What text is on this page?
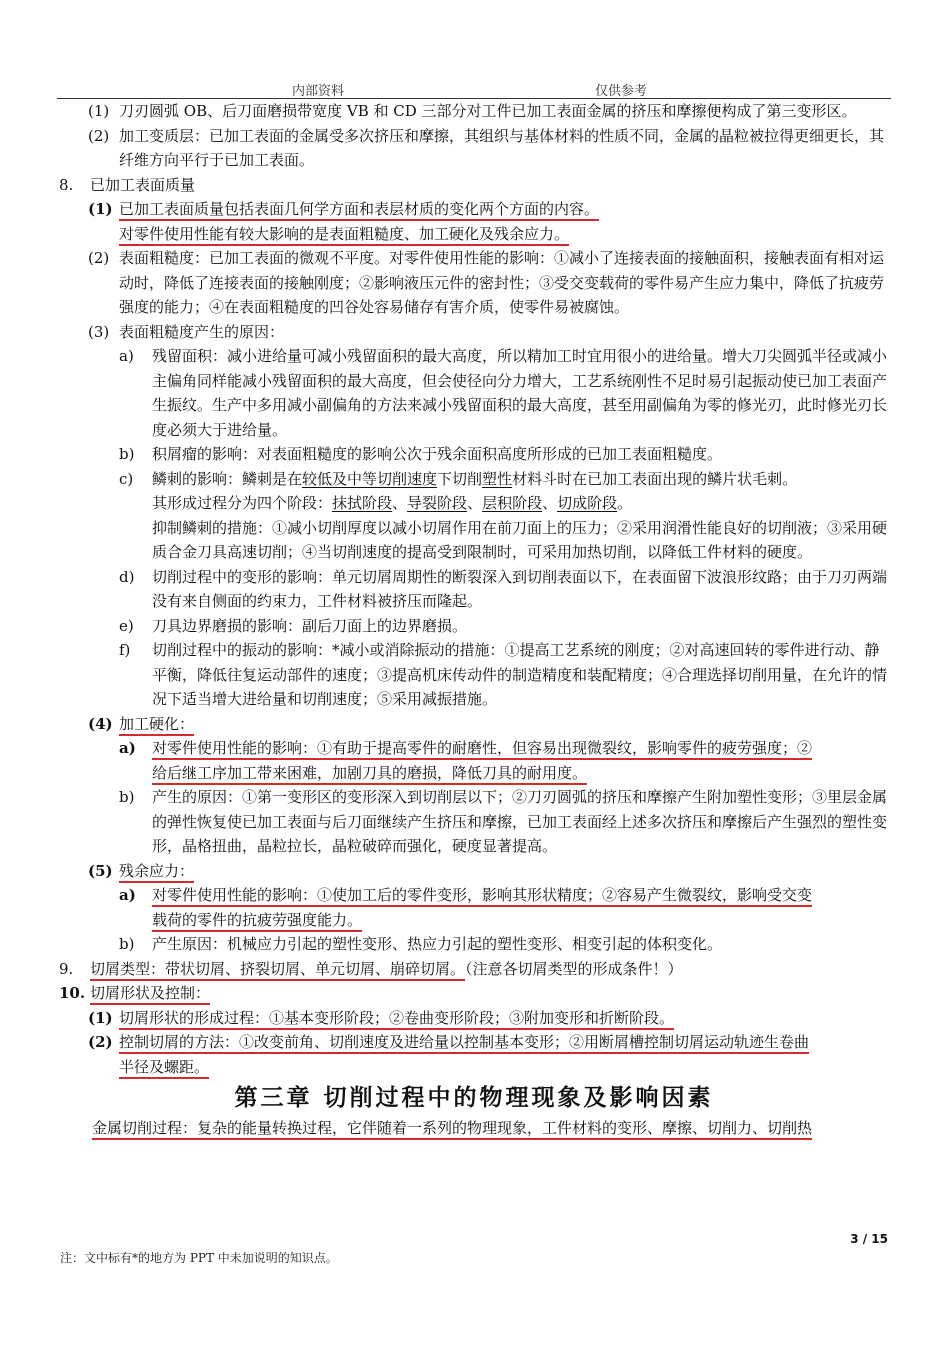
内部资料	仅供参考
(1) 刀刃圆弧 OB、后刀面磨损带宽度 VB 和 CD 三部分对工件已加工表面金属的挤压和摩擦便构成了第三变形区。
(2) 加工变质层：已加工表面的金属受多次挤压和摩擦，其组织与基体材料的性质不同，金属的晶粒被拉得更细更长，其纤维方向平行于已加工表面。
8.	已加工表面质量
(1) 已加工表面质量包括表面几何学方面和表层材质的变化两个方面的内容。
对零件使用性能有较大影响的是表面粗糙度、加工硬化及残余应力。
(2) 表面粗糙度：已加工表面的微观不平度。对零件使用性能的影响：①减小了连接表面的接触面积，接触表面有相对运动时，降低了连接表面的接触刚度；②影响液压元件的密封性；③受交变载荷的零件易产生应力集中，降低了抗疲劳强度的能力；④在表面粗糙度的凹谷处容易储存有害介质，使零件易被腐蚀。
(3) 表面粗糙度产生的原因：
a)	残留面积：减小进给量可减小残留面积的最大高度，所以精加工时宜用很小的进给量。增大刀尖圆弧半径或减小主偏角同样能减小残留面积的最大高度，但会使径向分力增大，工艺系统刚性不足时易引起振动使已加工表面产生振纹。生产中多用减小副偏角的方法来减小残留面积的最大高度，甚至用副偏角为零的修光刃，此时修光刃长度必须大于进给量。
b)	积屑瘤的影响：对表面粗糙度的影响公次于残余面积高度所形成的已加工表面粗糙度。
c)	鳞刺的影响：鳞刺是在较低及中等切削速度下切削塑性材料斗时在已加工表面出现的鳞片状毛刺。
其形成过程分为四个阶段：抹拭阶段、导裂阶段、层积阶段、切成阶段。
抑制鳞刺的措施：①减小切削厚度以减小切屑作用在前刀面上的压力；②采用润滑性能良好的切削液；③采用硬质合金刀具高速切削；④当切削速度的提高受到限制时，可采用加热切削，以降低工件材料的硬度。
d)	切削过程中的变形的影响：单元切屑周期性的断裂深入到切削表面以下，在表面留下波浪形纹路；由于刀刃两端没有来自侧面的约束力，工件材料被挤压而隆起。
e)	刀具边界磨损的影响：副后刀面上的边界磨损。
f)	切削过程中的振动的影响：*减小或消除振动的措施：①提高工艺系统的刚度；②对高速回转的零件进行动、静平衡，降低往复运动部件的速度；③提高机床传动件的制造精度和装配精度；④合理选择切削用量，在允许的情况下适当增大进给量和切削速度；⑤采用减振措施。
(4) 加工硬化：
a)	对零件使用性能的影响：①有助于提高零件的耐磨性，但容易出现微裂纹，影响零件的疲劳强度；②
给后继工序加工带来困难，加剧刀具的磨损，降低刀具的耐用度。
b)	产生的原因：①第一变形区的变形深入到切削层以下；②刀刃圆弧的挤压和摩擦产生附加塑性变形；③里层金属的弹性恢复使已加工表面与后刀面继续产生挤压和摩擦，已加工表面经上述多次挤压和摩擦后产生强烈的塑性变形，晶格扭曲，晶粒拉长，晶粒破碎而强化，硬度显著提高。
(5) 残余应力：
a)	对零件使用性能的影响：①使加工后的零件变形，影响其形状精度；②容易产生微裂纹，影响受交变
载荷的零件的抗疲劳强度能力。
b)	产生原因：机械应力引起的塑性变形、热应力引起的塑性变形、相变引起的体积变化。
9.	切屑类型：带状切屑、挤裂切屑、单元切屑、崩碎切屑。（注意各切屑类型的形成条件！）
10. 切屑形状及控制：
(1) 切屑形状的形成过程：①基本变形阶段；②卷曲变形阶段；③附加变形和折断阶段。
(2) 控制切屑的方法：①改变前角、切削速度及进给量以控制基本变形；②用断屑槽控制切屑运动轨迹生卷曲
半径及螺距。
第三章 切削过程中的物理现象及影响因素
金属切削过程：复杂的能量转换过程，它伴随着一系列的物理现象，工件材料的变形、摩擦、切削力、切削热
3 / 15
注：文中标有*的地方为 PPT 中未加说明的知识点。
